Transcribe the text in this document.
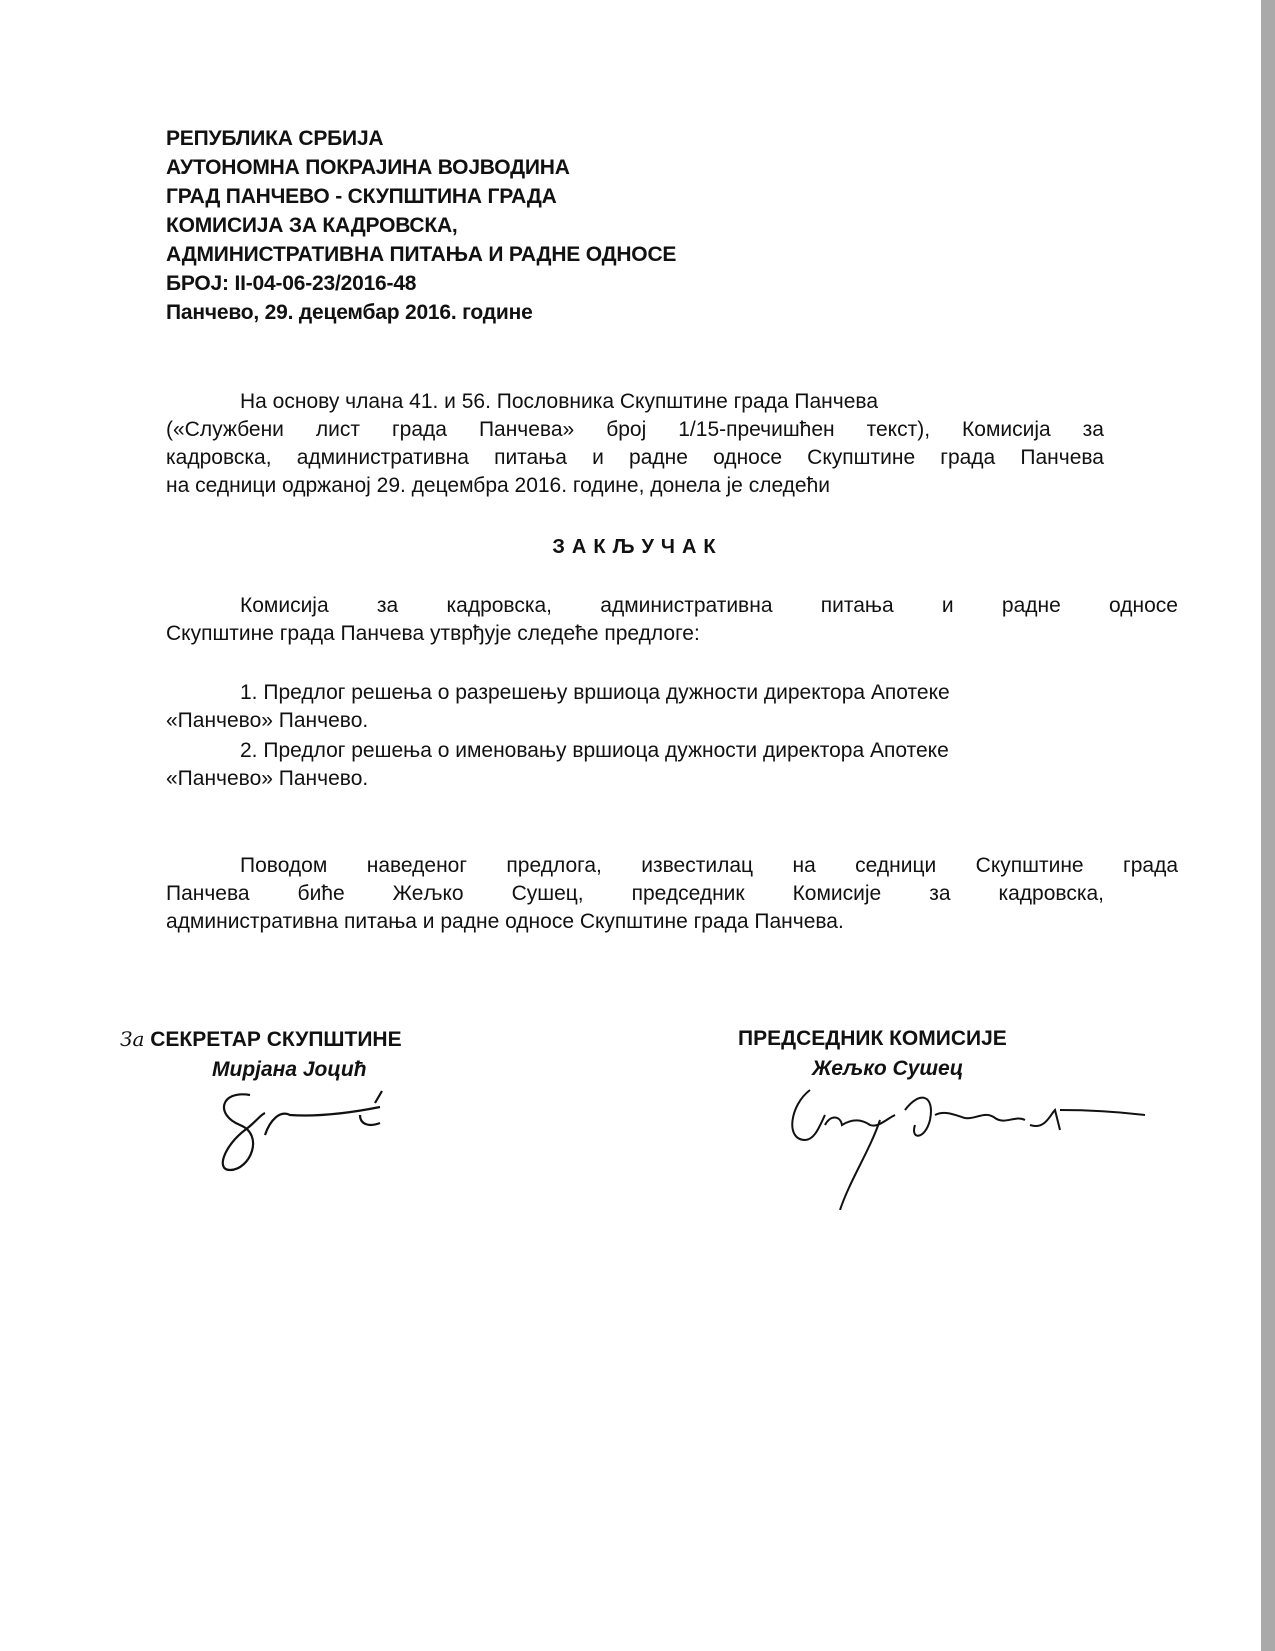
РЕПУБЛИКА СРБИЈА
АУТОНОМНА ПОКРАЈИНА ВОЈВОДИНА
ГРАД ПАНЧЕВО - СКУПШТИНА ГРАДА
КОМИСИЈА ЗА КАДРОВСКА,
АДМИНИСТРАТИВНА ПИТАЊА И РАДНЕ ОДНОСЕ
БРОЈ: II-04-06-23/2016-48
Панчево, 29. децембар 2016. године
На основу члана 41. и 56. Пословника Скупштине града Панчева
(«Службени лист града Панчева» број 1/15-пречишћен текст), Комисија за
кадровска, административна питања и радне односе Скупштине града Панчева
на седници одржаној 29. децембра 2016. године, донела је следећи
ЗАКЉУЧАК
Комисија за кадровска, административна питања и радне односе
Скупштине града Панчева утврђује следеће предлоге:
1. Предлог решења о разрешењу вршиоца дужности директора Апотеке
«Панчево» Панчево.
2. Предлог решења о именовању вршиоца дужности директора Апотеке
«Панчево» Панчево.
Поводом наведеног предлога, известилац на седници Скупштине града
Панчева биће Жељко Сушец, председник Комисије за кадровска,
административна питања и радне односе Скупштине града Панчева.
За СЕКРЕТАР СКУПШТИНЕ
Мирјана Јоцић
ПРЕДСЕДНИК КОМИСИЈЕ
Жељко Сушец
